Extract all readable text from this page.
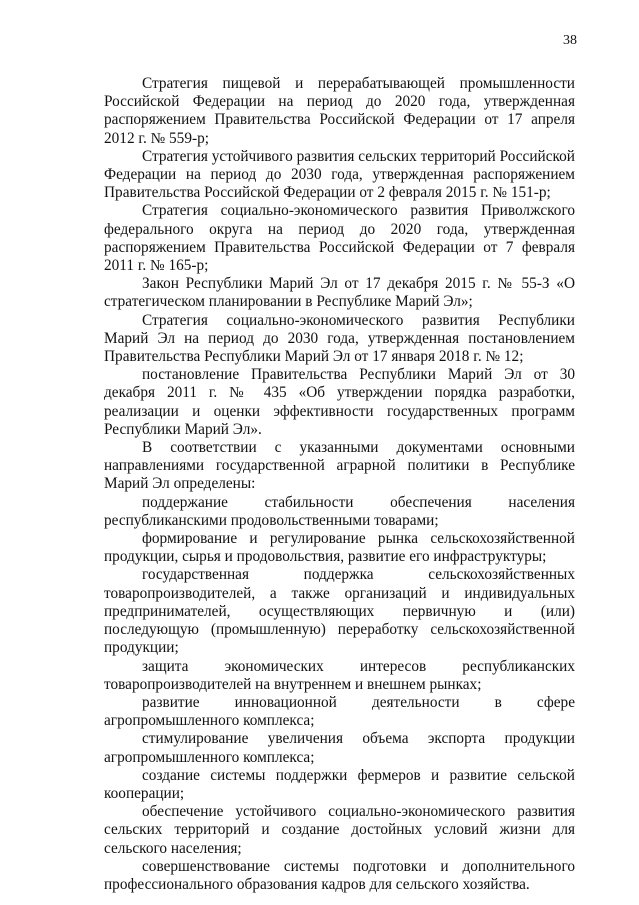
38

Стратегия пищевой и перерабатывающей промышленности Российской Федерации на период до 2020 года, утвержденная распоряжением Правительства Российской Федерации от 17 апреля 2012 г. № 559-р;

Стратегия устойчивого развития сельских территорий Российской Федерации на период до 2030 года, утвержденная распоряжением Правительства Российской Федерации от 2 февраля 2015 г. № 151-р;

Стратегия социально-экономического развития Приволжского федерального округа на период до 2020 года, утвержденная распоряжением Правительства Российской Федерации от 7 февраля 2011 г. № 165-р;

Закон Республики Марий Эл от 17 декабря 2015 г. № 55-З «О стратегическом планировании в Республике Марий Эл»;

Стратегия социально-экономического развития Республики Марий Эл на период до 2030 года, утвержденная постановлением Правительства Республики Марий Эл от 17 января 2018 г. № 12;

постановление Правительства Республики Марий Эл от 30 декабря 2011 г. № 435 «Об утверждении порядка разработки, реализации и оценки эффективности государственных программ Республики Марий Эл».

В соответствии с указанными документами основными направлениями государственной аграрной политики в Республике Марий Эл определены:

поддержание стабильности обеспечения населения республиканскими продовольственными товарами;

формирование и регулирование рынка сельскохозяйственной продукции, сырья и продовольствия, развитие его инфраструктуры;

государственная поддержка сельскохозяйственных товаропроизводителей, а также организаций и индивидуальных предпринимателей, осуществляющих первичную и (или) последующую (промышленную) переработку сельскохозяйственной продукции;

защита экономических интересов республиканских товаропроизводителей на внутреннем и внешнем рынках;

развитие инновационной деятельности в сфере агропромышленного комплекса;

стимулирование увеличения объема экспорта продукции агропромышленного комплекса;

создание системы поддержки фермеров и развитие сельской кооперации;

обеспечение устойчивого социально-экономического развития сельских территорий и создание достойных условий жизни для сельского населения;

совершенствование системы подготовки и дополнительного профессионального образования кадров для сельского хозяйства.
